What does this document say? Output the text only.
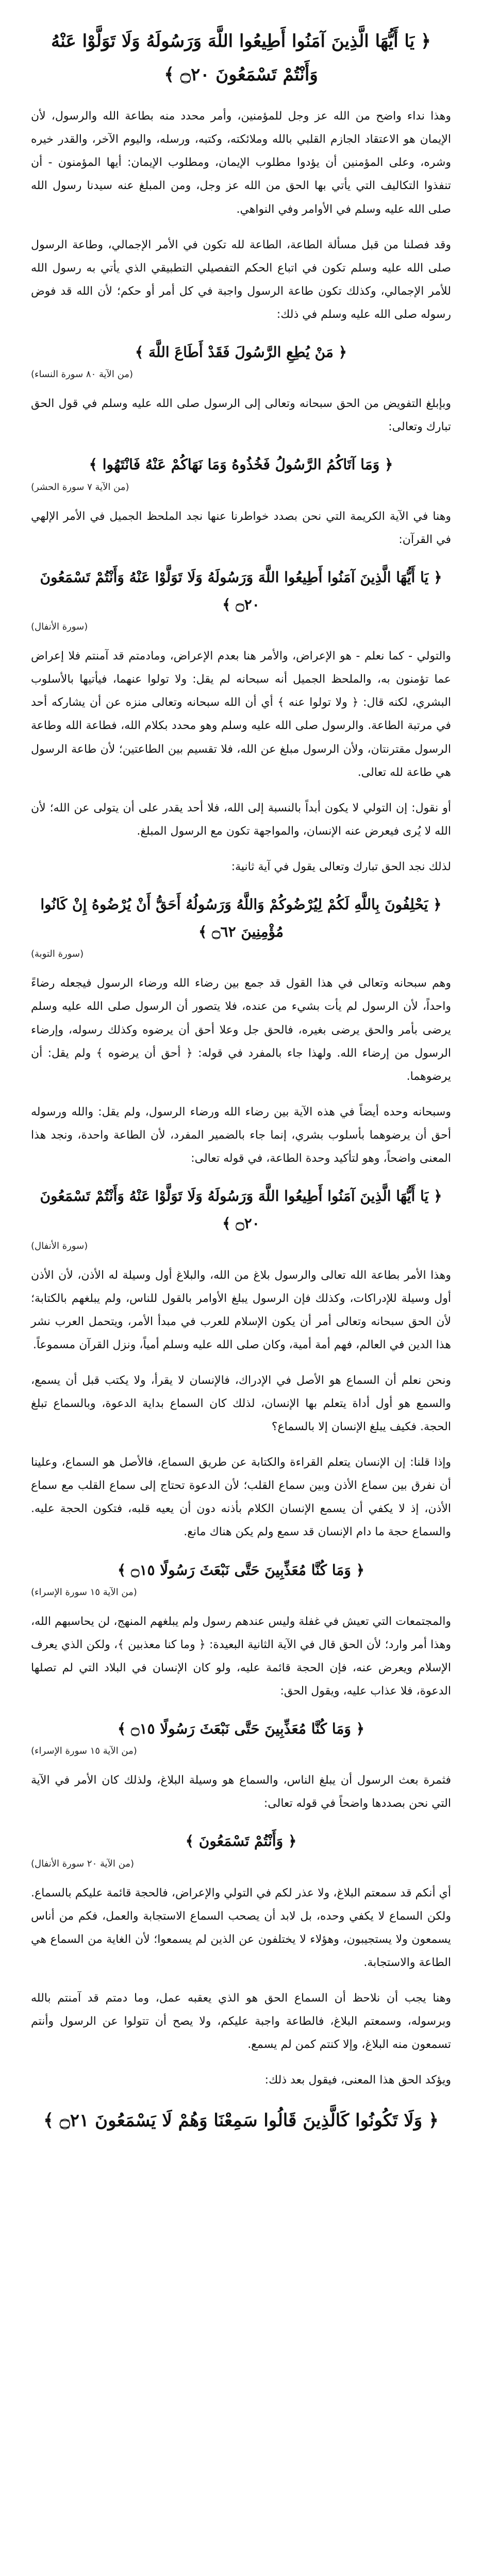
﴿ يَا أَيُّهَا الَّذِينَ آمَنُوا أَطِيعُوا اللَّهَ وَرَسُولَهُ وَلَا تَوَلَّوْا عَنْهُ وَأَنْتُمْ تَسْمَعُونَ ۝٢٠ ﴾

وهذا نداء واضح من الله عز وجل للمؤمنين، وأمر محدد منه بطاعة الله والرسول، لأن الإيمان هو الاعتقاد الجازم القلبي بالله وملائكته، وكتبه، ورسله، واليوم الآخر، والقدر خيره وشره، وعلى المؤمنين أن يؤدوا مطلوب الإيمان، ومطلوب الإيمان: أيها المؤمنون - أن تنفذوا التكاليف التي يأتي بها الحق من الله عز وجل، ومن المبلغ عنه سيدنا رسول الله صلى الله عليه وسلم في الأوامر وفي النواهي.

وقد فصلنا من قبل مسألة الطاعة، الطاعة لله تكون في الأمر الإجمالي، وطاعة الرسول صلى الله عليه وسلم تكون في اتباع الحكم التفصيلي التطبيقي الذي يأتي به رسول الله للأمر الإجمالي، وكذلك تكون طاعة الرسول واجبة في كل أمر أو حكم؛ لأن الله قد فوض رسوله صلى الله عليه وسلم في ذلك:

﴿ مَنْ يُطِعِ الرَّسُولَ فَقَدْ أَطَاعَ اللَّهَ ﴾
(من الآية ٨٠ سورة النساء)

وبإبلغ التفويض من الحق سبحانه وتعالى إلى الرسول صلى الله عليه وسلم في قول الحق تبارك وتعالى:

﴿ وَمَا آتَاكُمُ الرَّسُولُ فَخُذُوهُ وَمَا نَهَاكُمْ عَنْهُ فَانْتَهُوا ﴾
(من الآية ٧ سورة الحشر)

وهنا في الآية الكريمة التي نحن بصدد خواطرنا عنها نجد الملحظ الجميل في الأمر الإلهي في القرآن:

﴿ يَا أَيُّهَا الَّذِينَ آمَنُوا أَطِيعُوا اللَّهَ وَرَسُولَهُ وَلَا تَوَلَّوْا عَنْهُ وَأَنْتُمْ تَسْمَعُونَ ۝٢٠ ﴾
(سورة الأنفال)

والتولي - كما نعلم - هو الإعراض، والأمر هنا بعدم الإعراض، ومادمتم قد آمنتم فلا إعراض عما تؤمنون به، والملحظ الجميل أنه سبحانه لم يقل: ولا تولوا عنهما، فيأتيها بالأسلوب البشري، لكنه قال: ﴿ ولا تولوا عنه ﴾ أي أن الله سبحانه وتعالى منزه عن أن يشاركه أحد في مرتبة الطاعة. والرسول صلى الله عليه وسلم وهو محدد بكلام الله، فطاعة الله وطاعة الرسول مقترنتان، ولأن الرسول مبلغ عن الله، فلا تقسيم بين الطاعتين؛ لأن طاعة الرسول هي طاعة لله تعالى.

أو نقول: إن التولي لا يكون أبداً بالنسبة إلى الله، فلا أحد يقدر على أن يتولى عن الله؛ لأن الله لا يُرى فيعرض عنه الإنسان، والمواجهة تكون مع الرسول المبلغ.

لذلك نجد الحق تبارك وتعالى يقول في آية ثانية:

﴿ يَحْلِفُونَ بِاللَّهِ لَكُمْ لِيُرْضُوكُمْ وَاللَّهُ وَرَسُولُهُ أَحَقُّ أَنْ يُرْضُوهُ إِنْ كَانُوا مُؤْمِنِينَ ۝٦٢ ﴾
(سورة التوبة)

وهم سبحانه وتعالى في هذا القول قد جمع بين رضاء الله ورضاء الرسول فيجعله رضاءً واحداً، لأن الرسول لم يأت بشيء من عنده، فلا يتصور أن الرسول صلى الله عليه وسلم يرضى بأمر والحق يرضى بغيره، فالحق جل وعلا أحق أن يرضوه وكذلك رسوله، وإرضاء الرسول من إرضاء الله. ولهذا جاء بالمفرد في قوله: ﴿ أحق أن يرضوه ﴾ ولم يقل: أن يرضوهما.

وسبحانه وحده أيضاً في هذه الآية بين رضاء الله ورضاء الرسول، ولم يقل: والله ورسوله أحق أن يرضوهما بأسلوب بشري، إنما جاء بالضمير المفرد، لأن الطاعة واحدة، ونجد هذا المعنى واضحاً، وهو لتأكيد وحدة الطاعة، في قوله تعالى:

﴿ يَا أَيُّهَا الَّذِينَ آمَنُوا أَطِيعُوا اللَّهَ وَرَسُولَهُ وَلَا تَوَلَّوْا عَنْهُ وَأَنْتُمْ تَسْمَعُونَ ۝٢٠ ﴾
(سورة الأنفال)

وهذا الأمر بطاعة الله تعالى والرسول بلاغ من الله، والبلاغ أول وسيلة له الأذن، لأن الأذن أول وسيلة للإدراكات، وكذلك فإن الرسول يبلغ الأوامر بالقول للناس، ولم يبلغهم بالكتابة؛ لأن الحق سبحانه وتعالى أمر أن يكون الإسلام للعرب في مبدأ الأمر، ويتحمل العرب نشر هذا الدين في العالم، فهم أمة أمية، وكان صلى الله عليه وسلم أمياً، ونزل القرآن مسموعاً.

ونحن نعلم أن السماع هو الأصل في الإدراك، فالإنسان لا يقرأ، ولا يكتب قبل أن يسمع، والسمع هو أول أداة يتعلم بها الإنسان، لذلك كان السماع بداية الدعوة، وبالسماع تبلغ الحجة. فكيف يبلغ الإنسان إلا بالسماع؟

وإذا قلنا: إن الإنسان يتعلم القراءة والكتابة عن طريق السماع، فالأصل هو السماع، وعلينا أن نفرق بين سماع الأذن وبين سماع القلب؛ لأن الدعوة تحتاج إلى سماع القلب مع سماع الأذن، إذ لا يكفي أن يسمع الإنسان الكلام بأذنه دون أن يعيه قلبه، فتكون الحجة عليه. والسماع حجة ما دام الإنسان قد سمع ولم يكن هناك مانع.

﴿ وَمَا كُنَّا مُعَذِّبِينَ حَتَّى نَبْعَثَ رَسُولًا ۝١٥ ﴾
(من الآية ١٥ سورة الإسراء)

والمجتمعات التي تعيش في غفلة وليس عندهم رسول ولم يبلغهم المنهج، لن يحاسبهم الله، وهذا أمر وارد؛ لأن الحق قال في الآية الثانية البعيدة: ﴿ وما كنا معذبين ﴾، ولكن الذي يعرف الإسلام ويعرض عنه، فإن الحجة قائمة عليه، ولو كان الإنسان في البلاد التي لم تصلها الدعوة، فلا عذاب عليه، ويقول الحق:

﴿ وَمَا كُنَّا مُعَذِّبِينَ حَتَّى نَبْعَثَ رَسُولًا ۝١٥ ﴾
(من الآية ١٥ سورة الإسراء)

فثمرة بعث الرسول أن يبلغ الناس، والسماع هو وسيلة البلاغ، ولذلك كان الأمر في الآية التي نحن بصددها واضحاً في قوله تعالى:

﴿ وَأَنْتُمْ تَسْمَعُونَ ﴾
(من الآية ٢٠ سورة الأنفال)

أي أنكم قد سمعتم البلاغ، ولا عذر لكم في التولي والإعراض، فالحجة قائمة عليكم بالسماع. ولكن السماع لا يكفي وحده، بل لابد أن يصحب السماع الاستجابة والعمل، فكم من أناس يسمعون ولا يستجيبون، وهؤلاء لا يختلفون عن الذين لم يسمعوا؛ لأن الغاية من السماع هي الطاعة والاستجابة.

وهنا يجب أن نلاحظ أن السماع الحق هو الذي يعقبه عمل، وما دمتم قد آمنتم بالله وبرسوله، وسمعتم البلاغ، فالطاعة واجبة عليكم، ولا يصح أن تتولوا عن الرسول وأنتم تسمعون منه البلاغ، وإلا كنتم كمن لم يسمع.

ويؤكد الحق هذا المعنى، فيقول بعد ذلك:

﴿ وَلَا تَكُونُوا كَالَّذِينَ قَالُوا سَمِعْنَا وَهُمْ لَا يَسْمَعُونَ ۝٢١ ﴾
